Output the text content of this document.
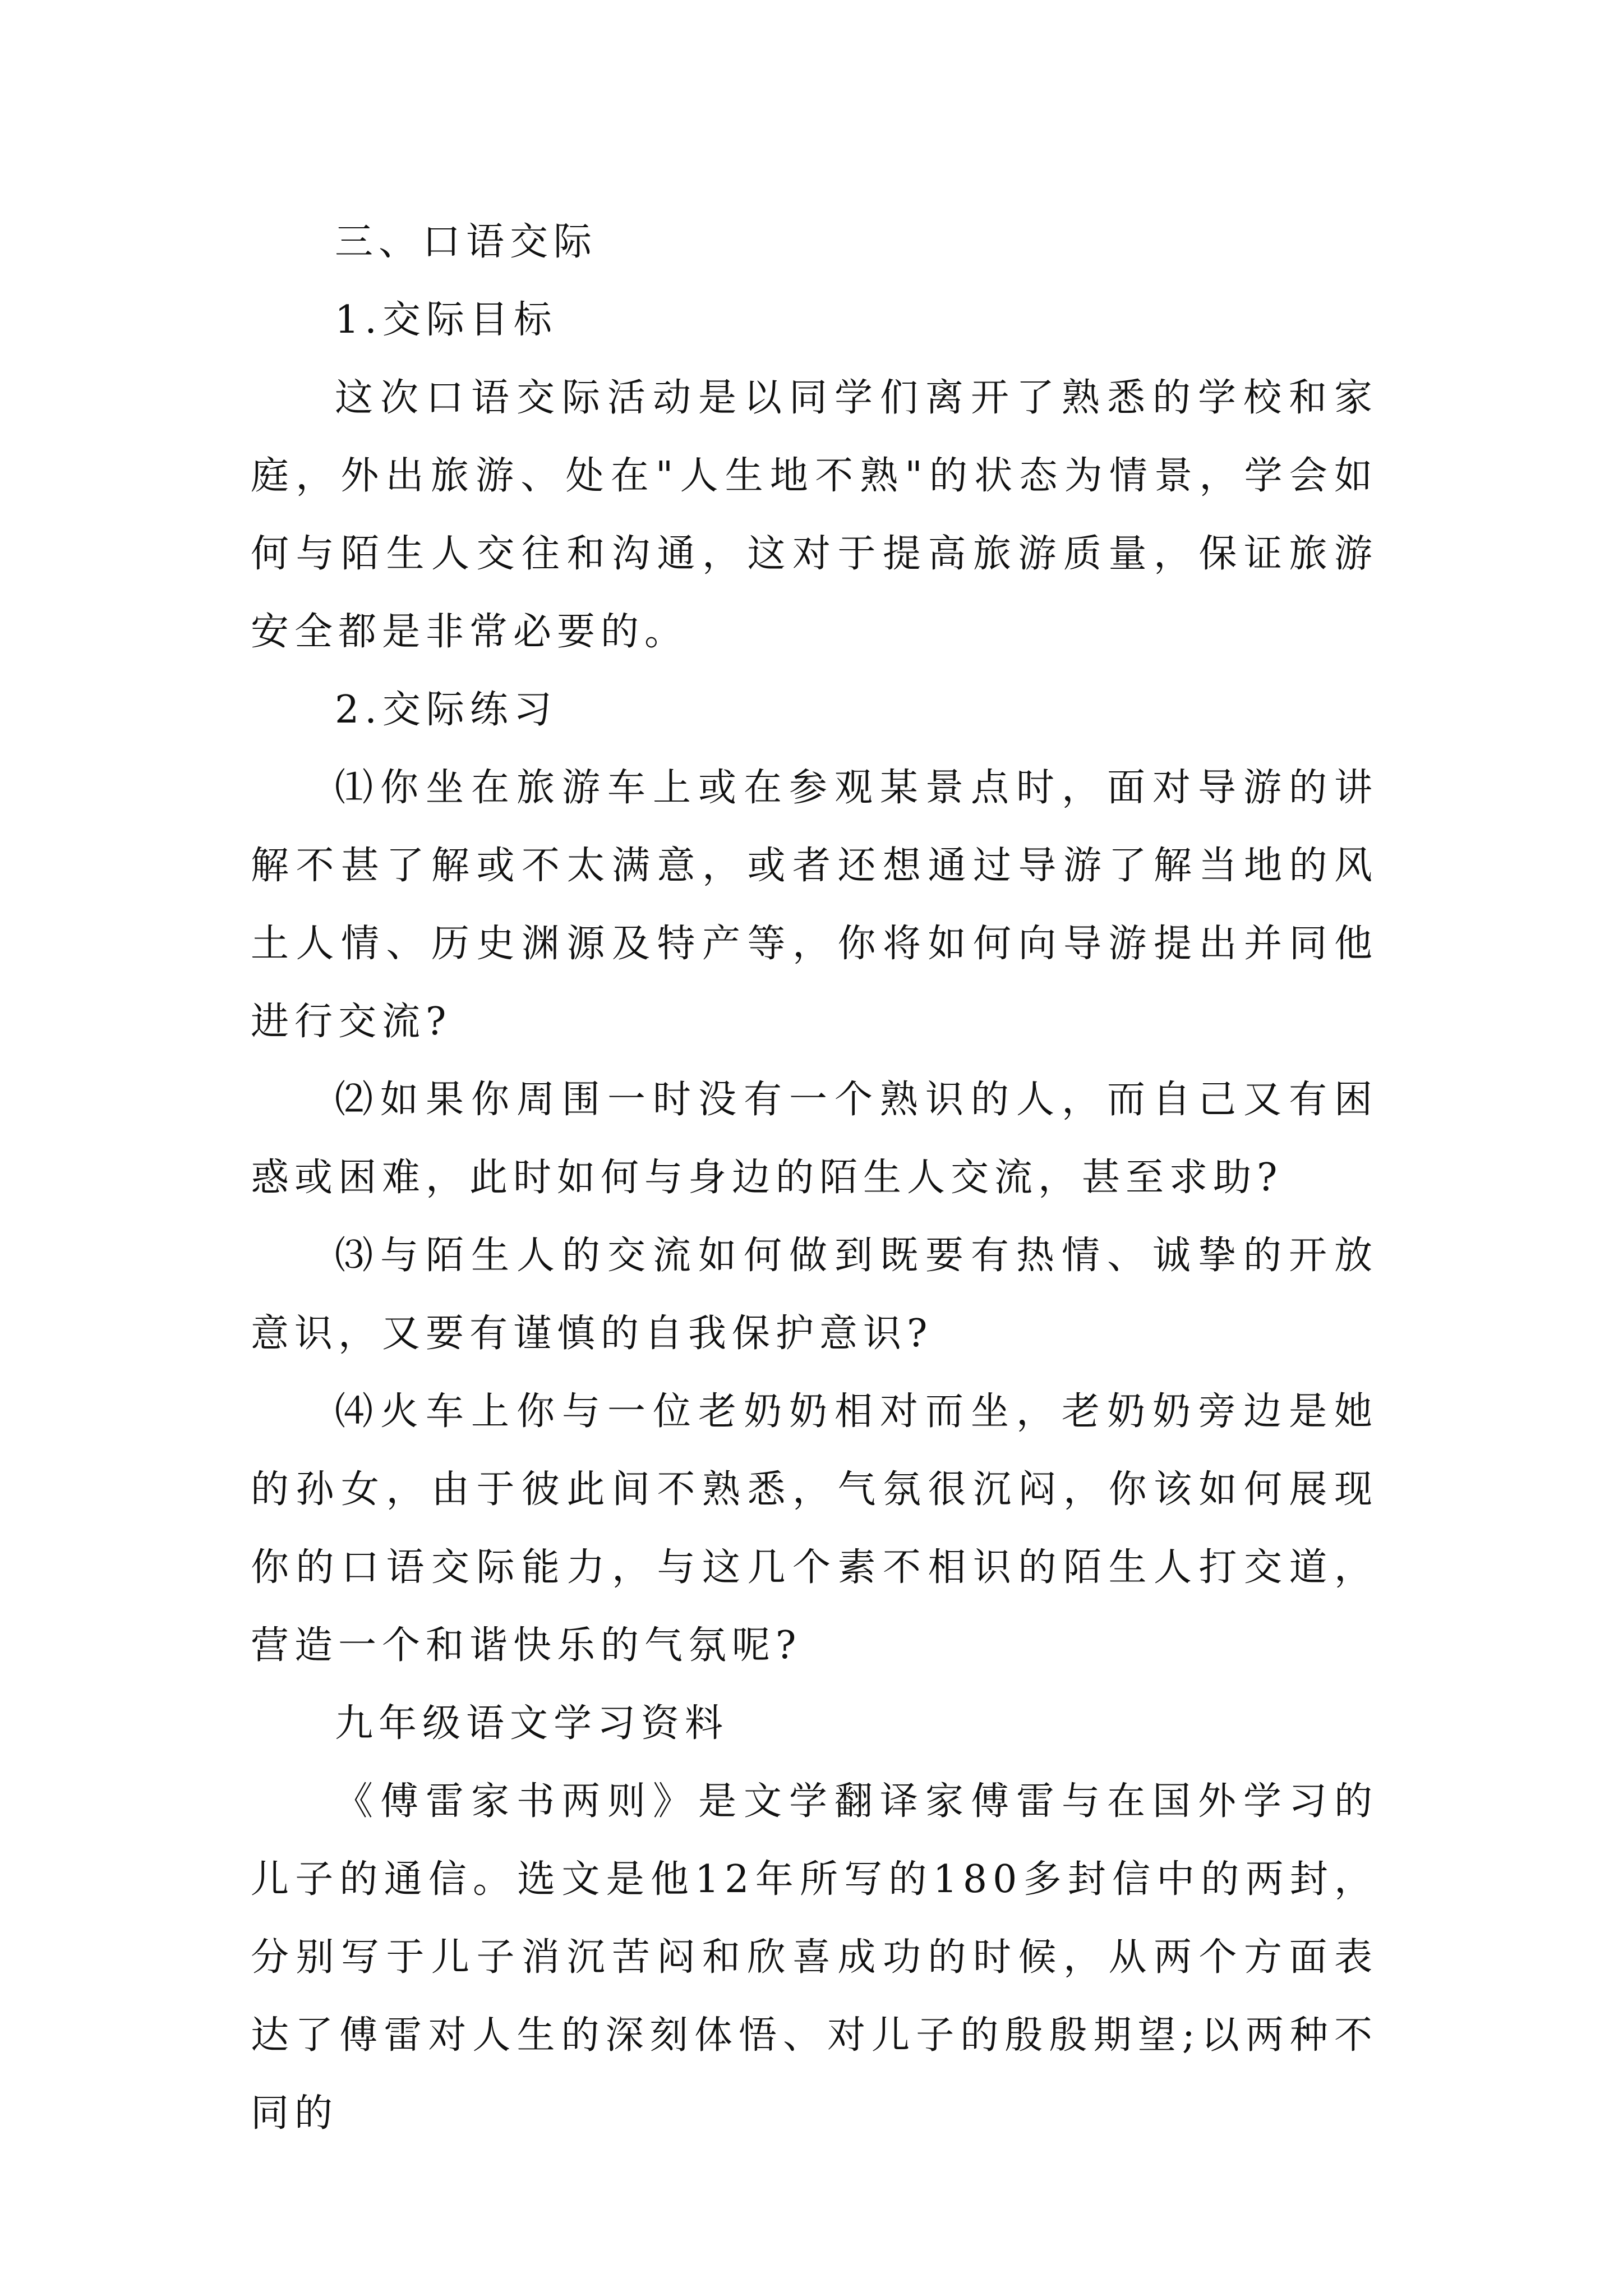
三、口语交际

1.交际目标

这次口语交际活动是以同学们离开了熟悉的学校和家庭，外出旅游、处在"人生地不熟"的状态为情景，学会如何与陌生人交往和沟通，这对于提高旅游质量，保证旅游安全都是非常必要的。

2.交际练习

⑴你坐在旅游车上或在参观某景点时，面对导游的讲解不甚了解或不太满意，或者还想通过导游了解当地的风土人情、历史渊源及特产等，你将如何向导游提出并同他进行交流?

⑵如果你周围一时没有一个熟识的人，而自己又有困惑或困难，此时如何与身边的陌生人交流，甚至求助?

⑶与陌生人的交流如何做到既要有热情、诚挚的开放意识，又要有谨慎的自我保护意识?

⑷火车上你与一位老奶奶相对而坐，老奶奶旁边是她的孙女，由于彼此间不熟悉，气氛很沉闷，你该如何展现你的口语交际能力，与这几个素不相识的陌生人打交道，营造一个和谐快乐的气氛呢?

九年级语文学习资料

《傅雷家书两则》是文学翻译家傅雷与在国外学习的儿子的通信。选文是他12年所写的180多封信中的两封，分别写于儿子消沉苦闷和欣喜成功的时候，从两个方面表达了傅雷对人生的深刻体悟、对儿子的殷殷期望;以两种不同的
